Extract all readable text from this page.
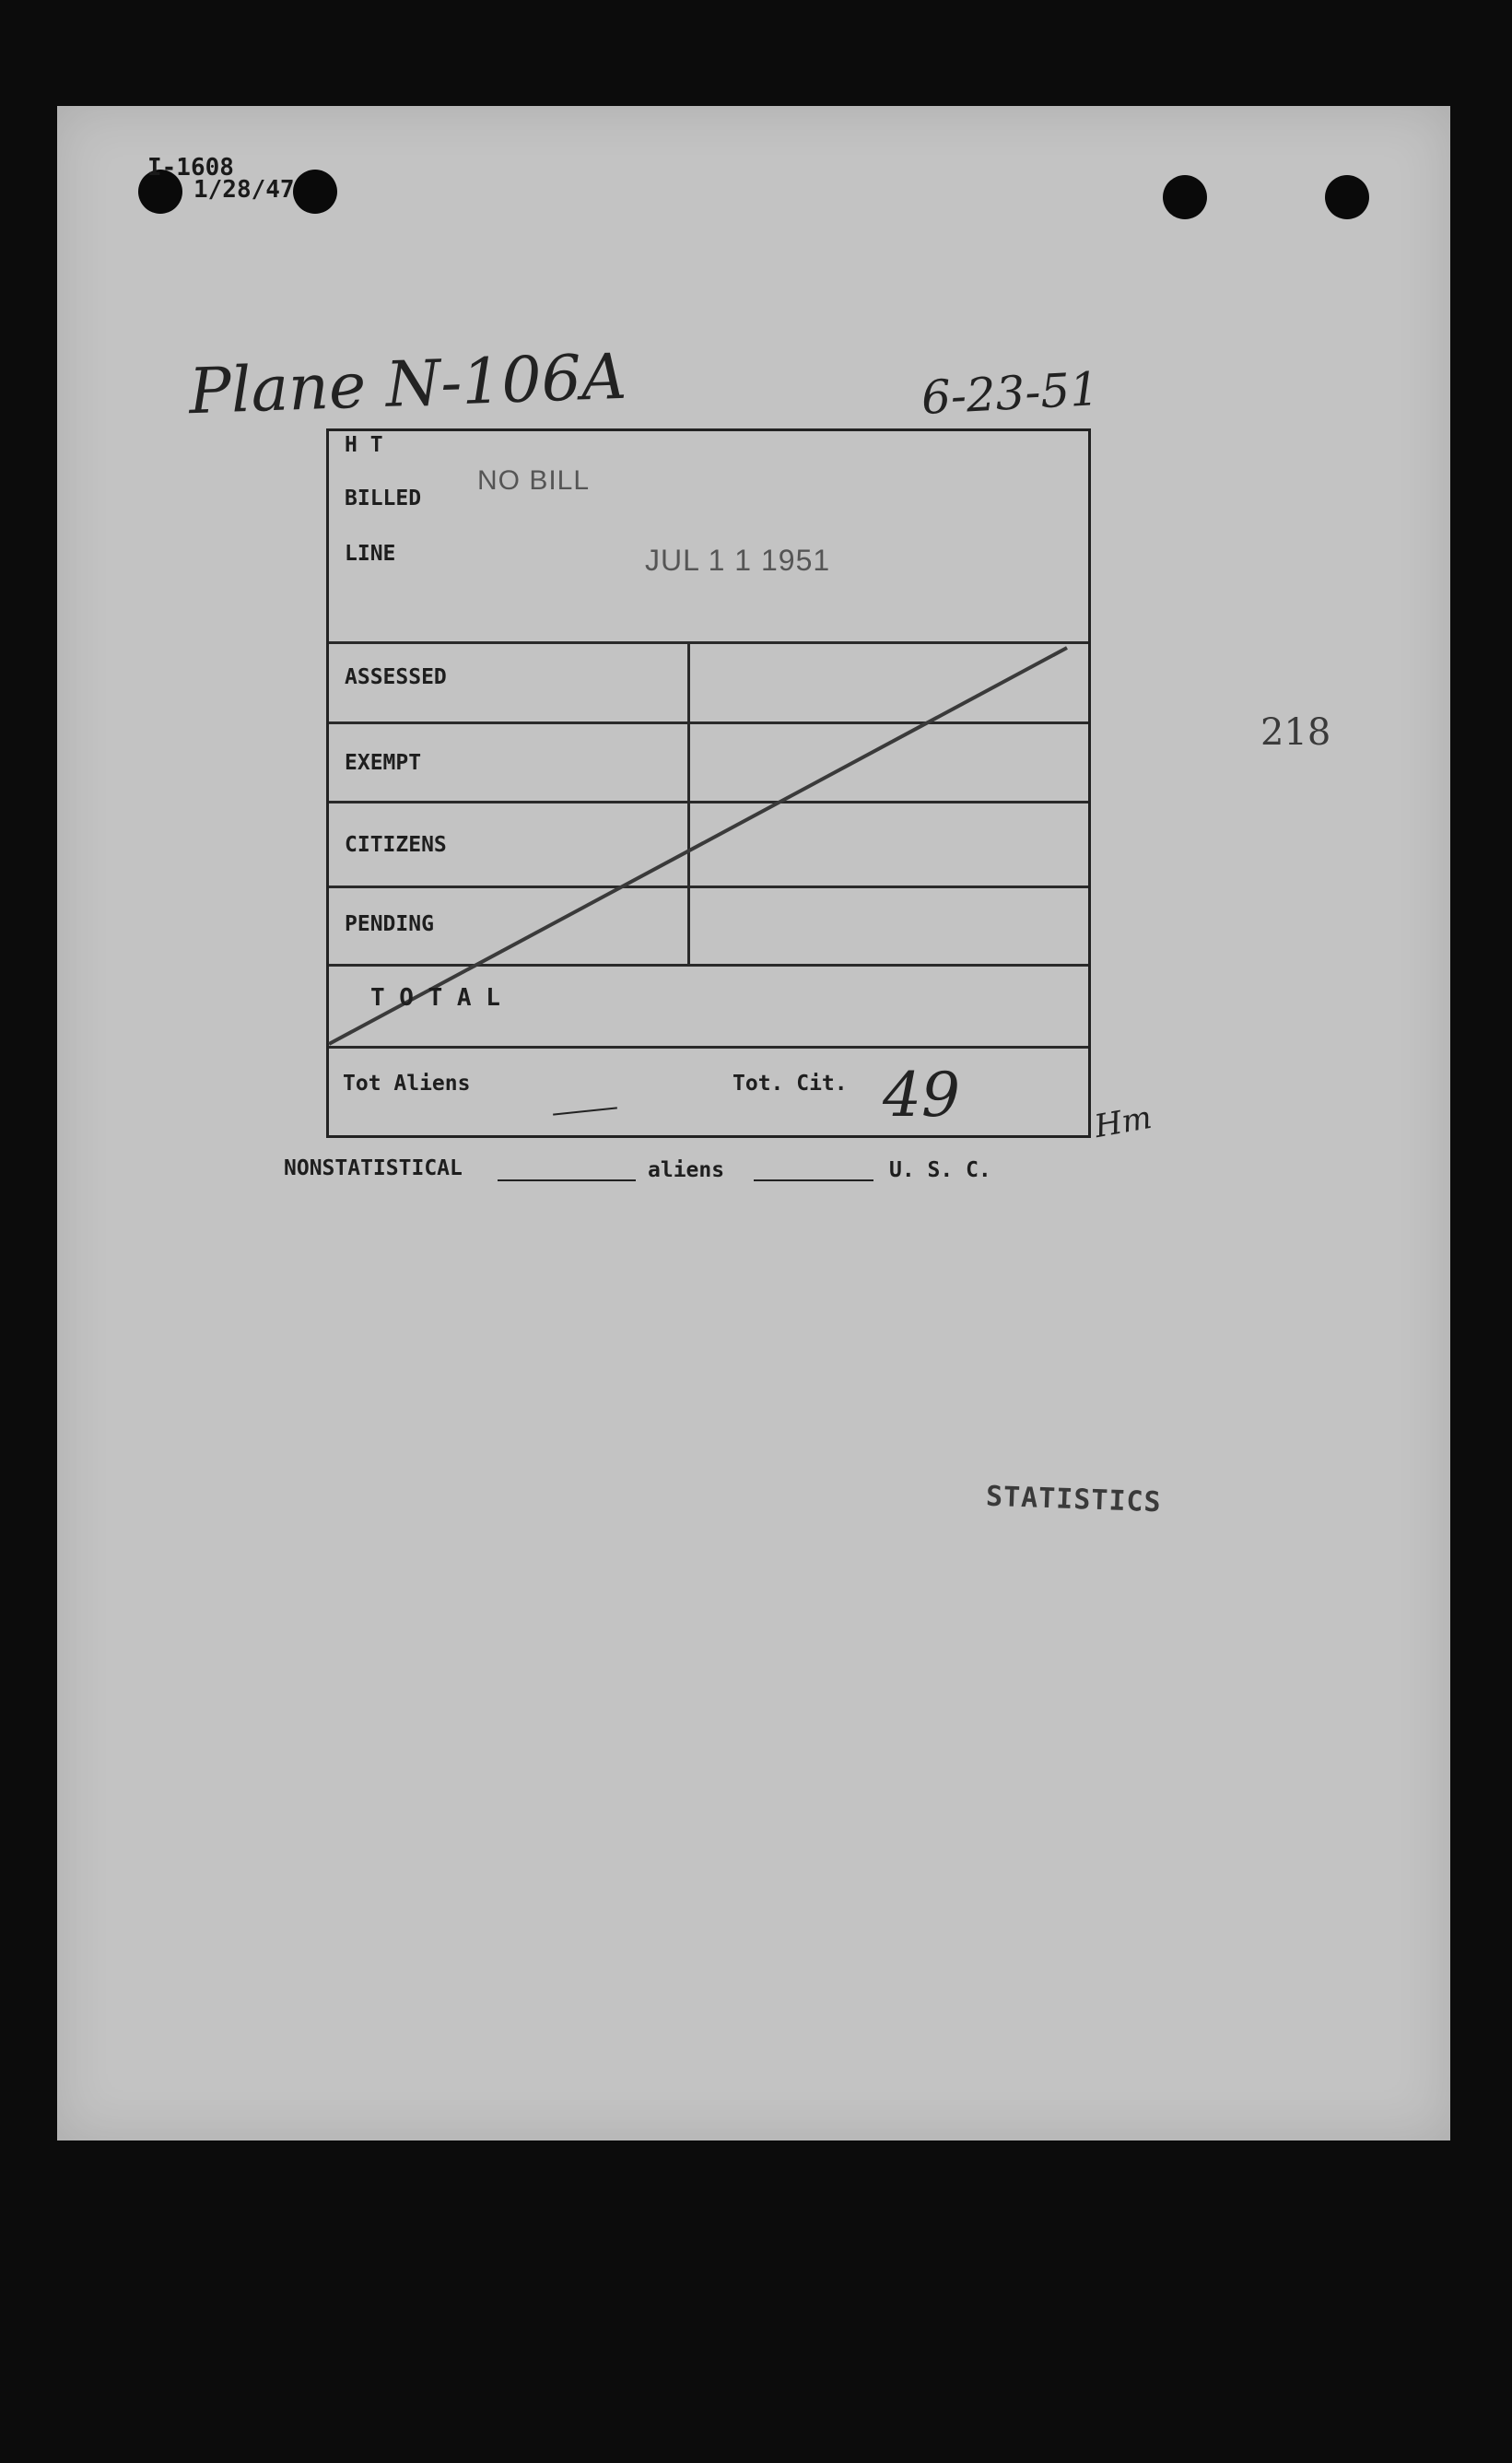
I-1608
1/28/47
Plane N-106A	6-23-51
H T
BILLED
LINE
NO BILL
JUL 1 1 1951
ASSESSED
EXEMPT
CITIZENS
PENDING
T O T A L
Tot Aliens	Tot. Cit. 49	Hm
NONSTATISTICAL	aliens	U. S. C.
218
STATISTICS
